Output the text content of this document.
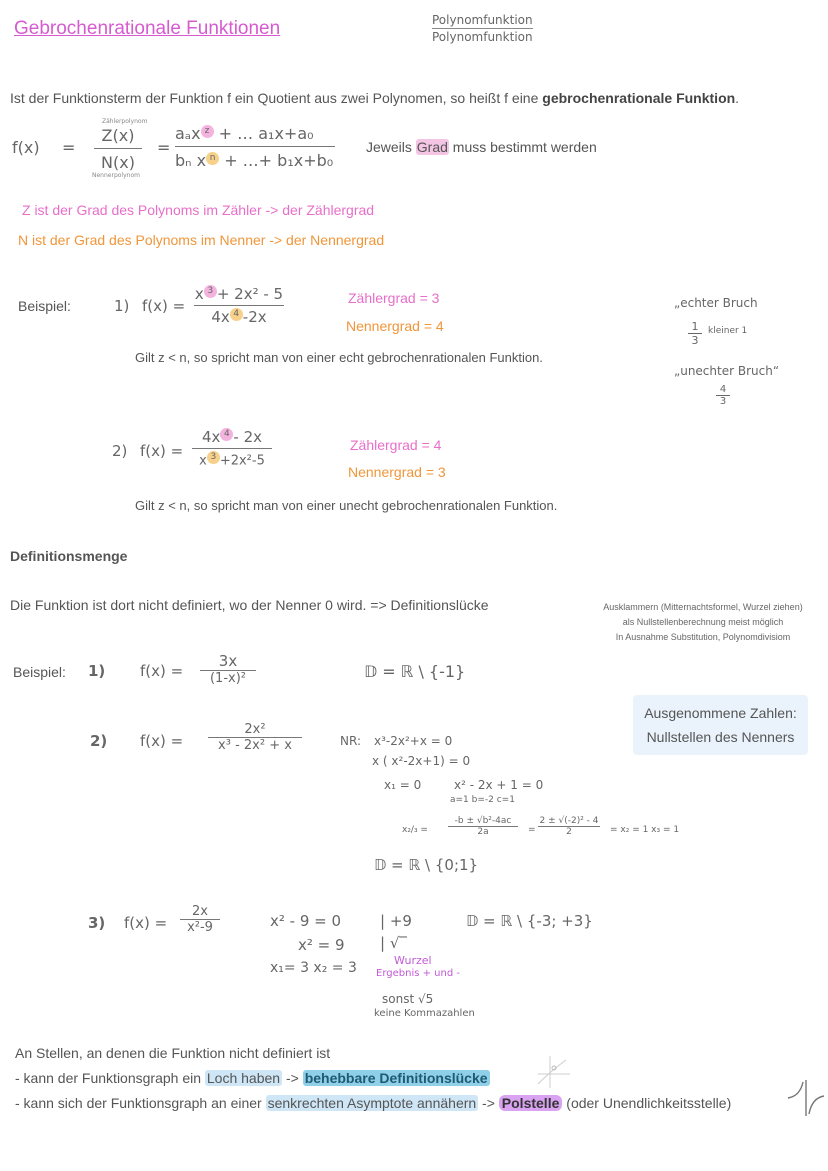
Gebrochenrationale Funktionen	Polynomfunktion
Polynomfunktion
Ist der Funktionsterm der Funktion f ein Quotient aus zwei Polynomen, so heißt f eine gebrochenrationale Funktion.
f(x) =
Zählerpolynom
$\frac{Z(x)}{N(x)}$
Nennerpolynom
=
aₐx z + … a₁x+a₀
bₙ x n + …+ b₁x+b₀
Jeweils Grad muss bestimmt werden
Z ist der Grad des Polynoms im Zähler -> der Zählergrad
N ist der Grad des Polynoms im Nenner -> der Nennergrad
Beispiel:	1) f(x) =
x 3 + 2x² - 5
4x 4 -2x
Zählergrad = 3
Nennergrad = 4
Gilt z < n, so spricht man von einer echt gebrochenrationalen Funktion.
„echter Bruch
$\frac{1}{3}$ kleiner 1
„unechter Bruch“
$\frac{4}{3}$
2) f(x) =
4x 4 - 2x
x 3 +2x²-5
Zählergrad = 4
Nennergrad = 3
Gilt z < n, so spricht man von einer unecht gebrochenrationalen Funktion.
Definitionsmenge
Die Funktion ist dort nicht definiert, wo der Nenner 0 wird. => Definitionslücke	Ausklammern (Mitternachtsformel, Wurzel ziehen)
als Nullstellenberechnung meist möglich
In Ausnahme Substitution, Polynomdivisiom
Beispiel: 1) f(x) =
3x
(1-x)²	𝔻 = ℝ \ {-1}
Ausgenommene Zahlen:
Nullstellen des Nenners
2) f(x) =
2x²
x³ - 2x² + x	NR: x³-2x²+x = 0
x ( x²-2x+1) = 0
x₁ = 0	x² - 2x + 1 = 0
a=1 b=-2 c=1
$x_2/_3 = \frac{\text{-b ± √b²-4ac}}{2a} = \frac{\text{2 ± √(-2)² - 4}}{2} = x_2 = 1$ x₃ = 1
𝔻 = ℝ \ {0;1}
3) f(x) =
2x
x²-9	x² - 9 = 0	| +9
x² = 9 | √‾
x₁= 3 x₂ = 3	Wurzel
Ergebnis + und -
sonst √5
keine Kommazahlen
𝔻 = ℝ \ {-3; +3}
An Stellen, an denen die Funktion nicht definiert ist
- kann der Funktionsgraph ein Loch haben -> behebbare Definitionslücke
- kann sich der Funktionsgraph an einer senkrechten Asymptote annähern -> Polstelle (oder Unendlichkeitsstelle)
